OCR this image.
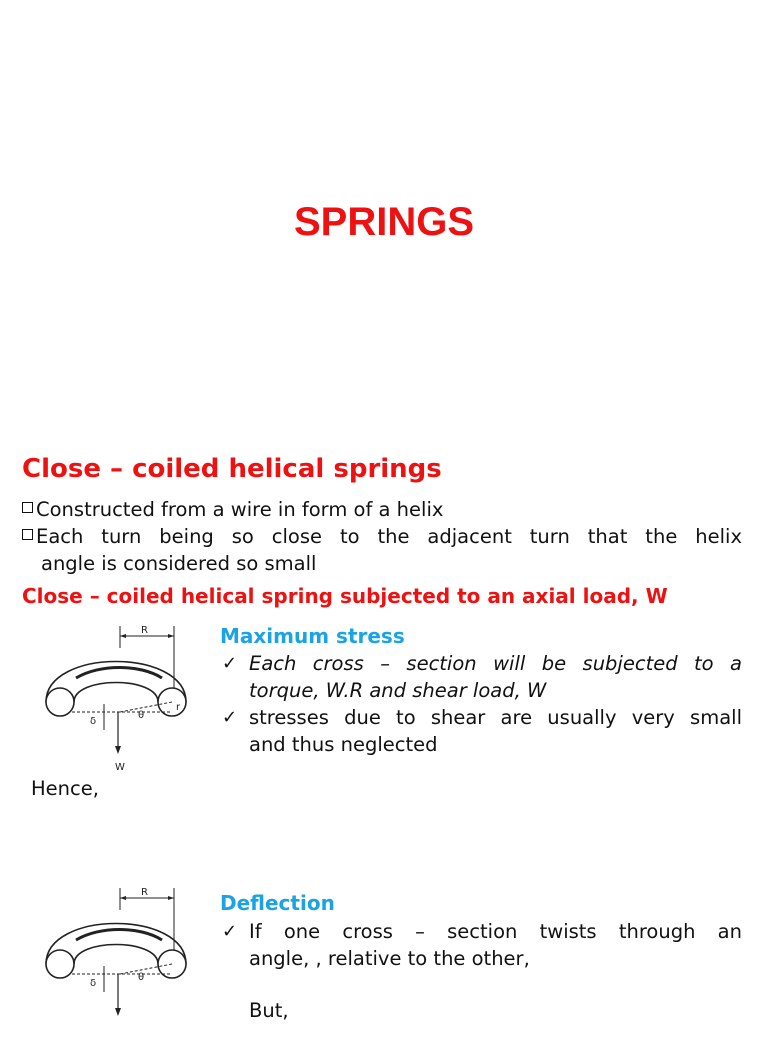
SPRINGS
Close – coiled helical springs
Constructed from a wire in form of a helix
Each turn being so close to the adjacent turn that the helix
angle is considered so small
Close – coiled helical spring subjected to an axial load, W
R
W
δ
θ
r
Maximum stress
✓ Each cross – section will be subjected to a
torque, W.R and shear load, W
✓ stresses due to shear are usually very small
and thus neglected
Hence,
R
δ
θ
Deflection
✓ If one cross – section twists through an
angle, , relative to the other,
But,
